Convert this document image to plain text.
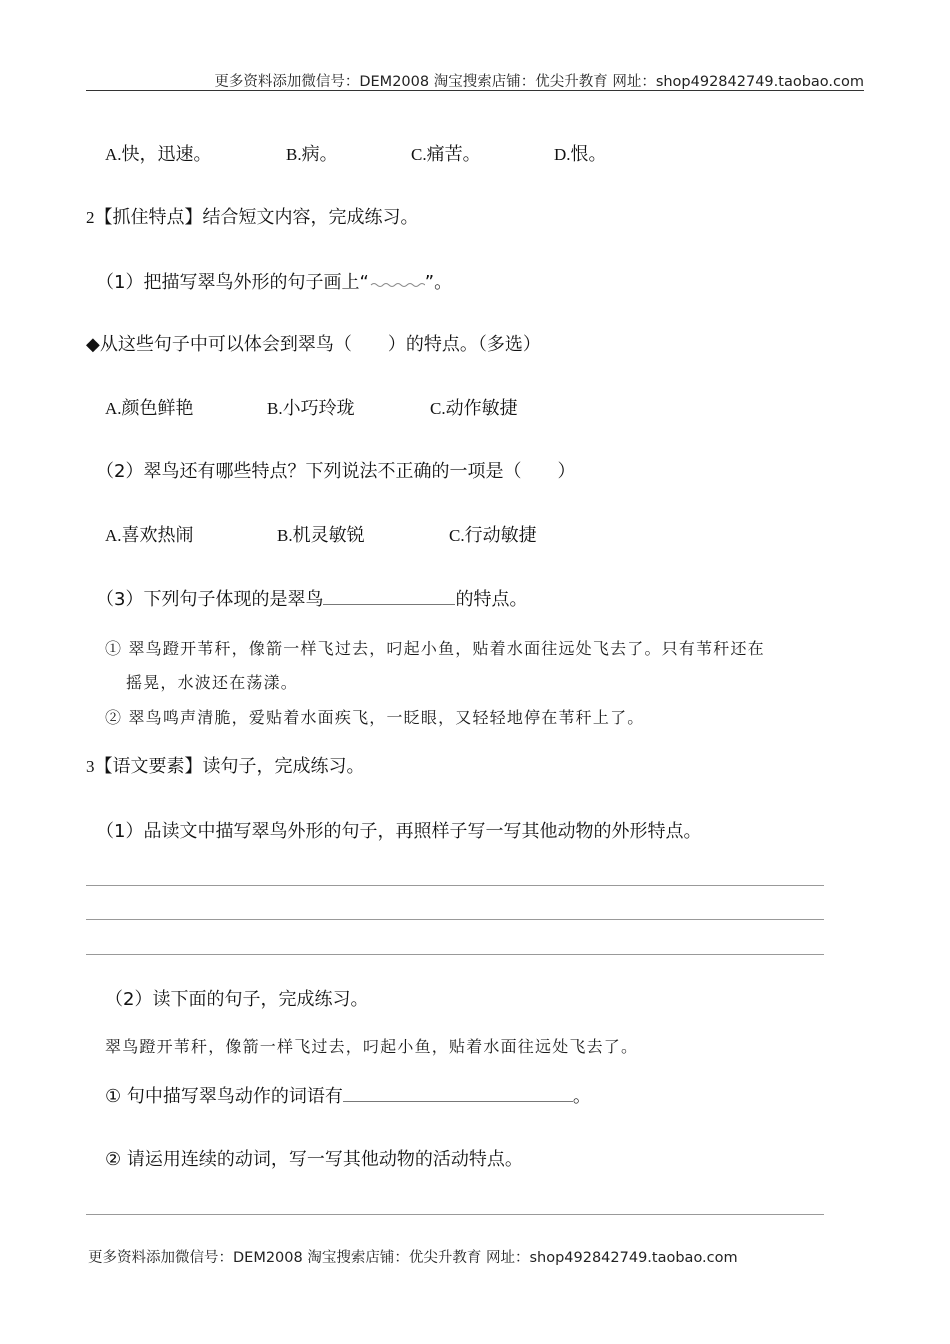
更多资料添加微信号：DEM2008 淘宝搜索店铺：优尖升教育 网址：shop492842749.taobao.com
A.快，迅速。	B.病。	C.痛苦。	D.恨。
2【抓住特点】结合短文内容，完成练习。
（1）把描写翠鸟外形的句子画上“	”。
◆从这些句子中可以体会到翠鸟（　　）的特点。（多选）
A.颜色鲜艳	B.小巧玲珑	C.动作敏捷
（2）翠鸟还有哪些特点？下列说法不正确的一项是（　　）
A.喜欢热闹	B.机灵敏锐	C.行动敏捷
（3）下列句子体现的是翠鸟	的特点。
① 翠鸟蹬开苇秆，像箭一样飞过去，叼起小鱼，贴着水面往远处飞去了。只有苇秆还在
摇晃，水波还在荡漾。
② 翠鸟鸣声清脆，爱贴着水面疾飞，一眨眼，又轻轻地停在苇秆上了。
3【语文要素】读句子，完成练习。
（1）品读文中描写翠鸟外形的句子，再照样子写一写其他动物的外形特点。
（2）读下面的句子，完成练习。
翠鸟蹬开苇秆，像箭一样飞过去，叼起小鱼，贴着水面往远处飞去了。
① 句中描写翠鸟动作的词语有	。
② 请运用连续的动词，写一写其他动物的活动特点。
更多资料添加微信号：DEM2008 淘宝搜索店铺：优尖升教育 网址：shop492842749.taobao.com
